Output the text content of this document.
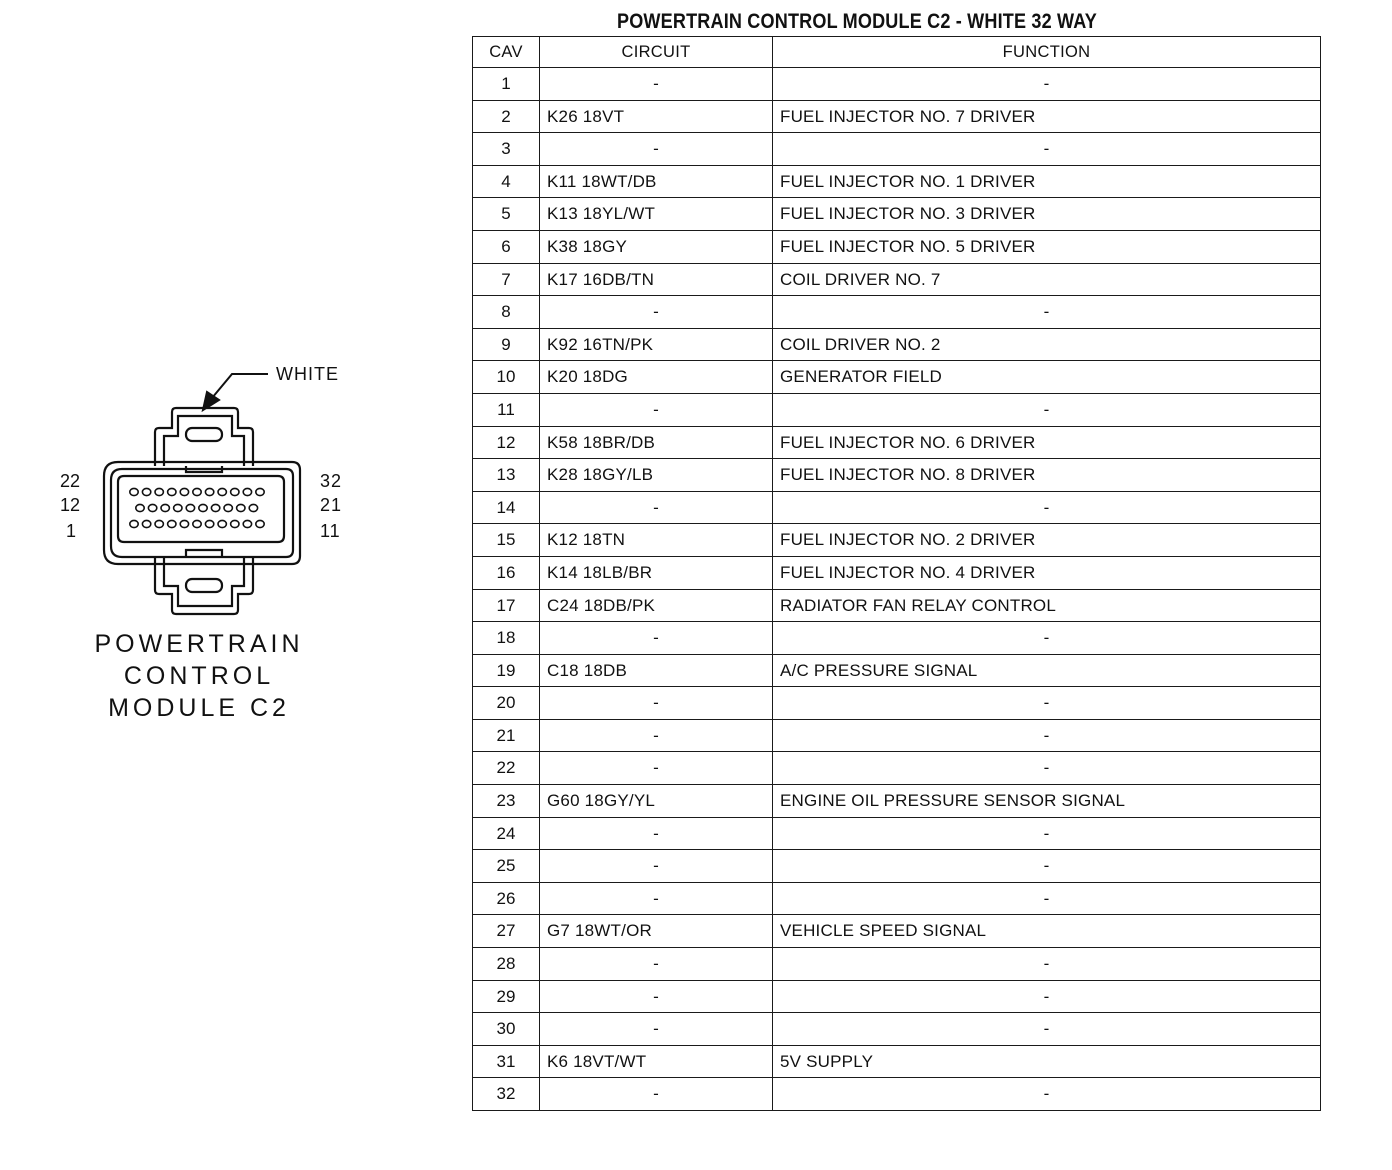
WHITE
22
12
1
32
21
11
POWERTRAIN
CONTROL
MODULE C2
POWERTRAIN CONTROL MODULE C2 - WHITE 32 WAY
CAV	CIRCUIT	FUNCTION
1	-	-
2	K26 18VT	FUEL INJECTOR NO. 7 DRIVER
3	-	-
4	K11 18WT/DB	FUEL INJECTOR NO. 1 DRIVER
5	K13 18YL/WT	FUEL INJECTOR NO. 3 DRIVER
6	K38 18GY	FUEL INJECTOR NO. 5 DRIVER
7	K17 16DB/TN	COIL DRIVER NO. 7
8	-	-
9	K92 16TN/PK	COIL DRIVER NO. 2
10	K20 18DG	GENERATOR FIELD
11	-	-
12	K58 18BR/DB	FUEL INJECTOR NO. 6 DRIVER
13	K28 18GY/LB	FUEL INJECTOR NO. 8 DRIVER
14	-	-
15	K12 18TN	FUEL INJECTOR NO. 2 DRIVER
16	K14 18LB/BR	FUEL INJECTOR NO. 4 DRIVER
17	C24 18DB/PK	RADIATOR FAN RELAY CONTROL
18	-	-
19	C18 18DB	A/C PRESSURE SIGNAL
20	-	-
21	-	-
22	-	-
23	G60 18GY/YL	ENGINE OIL PRESSURE SENSOR SIGNAL
24	-	-
25	-	-
26	-	-
27	G7 18WT/OR	VEHICLE SPEED SIGNAL
28	-	-
29	-	-
30	-	-
31	K6 18VT/WT	5V SUPPLY
32	-	-
